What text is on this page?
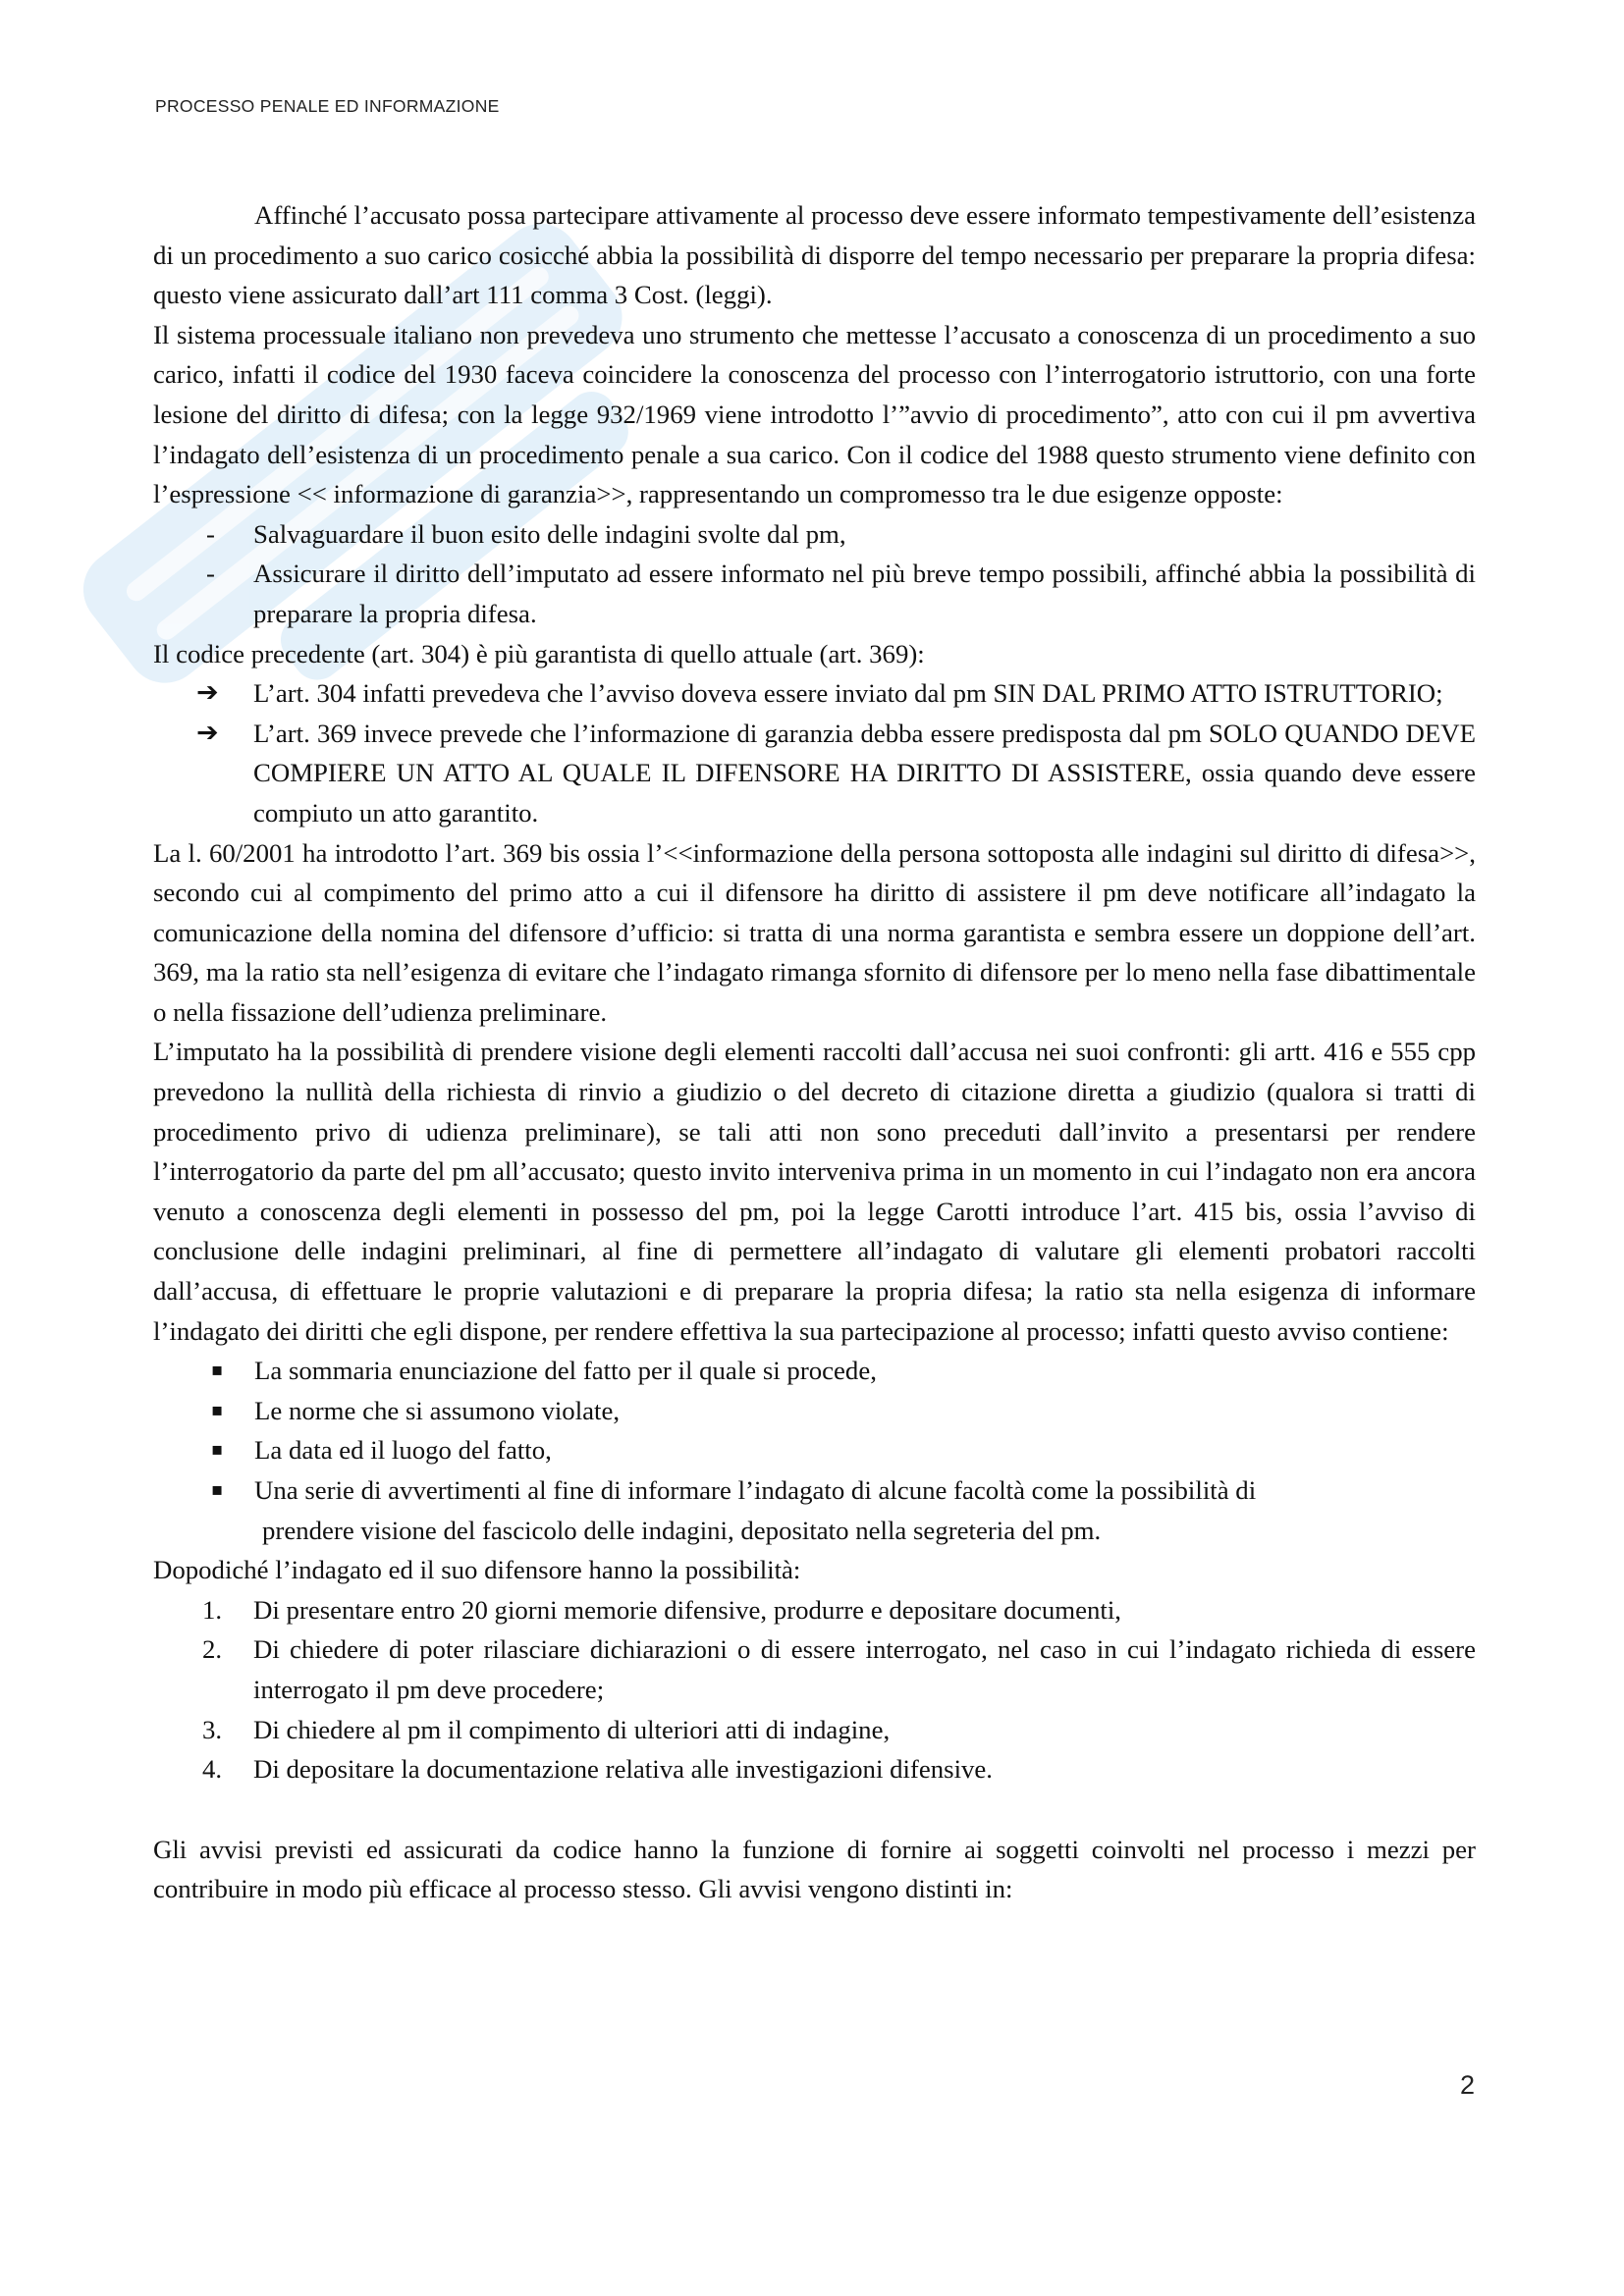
PROCESSO PENALE ED INFORMAZIONE

Affinché l’accusato possa partecipare attivamente al processo deve essere informato tempestivamente dell’esistenza di un procedimento a suo carico cosicché abbia la possibilità di disporre del tempo necessario per preparare la propria difesa: questo viene assicurato dall’art 111 comma 3 Cost. (leggi).

Il sistema processuale italiano non prevedeva uno strumento che mettesse l’accusato a conoscenza di un procedimento a suo carico, infatti il codice del 1930 faceva coincidere la conoscenza del processo con l’interrogatorio istruttorio, con una forte lesione del diritto di difesa; con la legge 932/1969 viene introdotto l’”avvio di procedimento”, atto con cui il pm avvertiva l’indagato dell’esistenza di un procedimento penale a sua carico. Con il codice del 1988 questo strumento viene definito con l’espressione << informazione di garanzia>>, rappresentando un compromesso tra le due esigenze opposte:

- Salvaguardare il buon esito delle indagini svolte dal pm,
- Assicurare il diritto dell’imputato ad essere informato nel più breve tempo possibili, affinché abbia la possibilità di preparare la propria difesa.

Il codice precedente (art. 304) è più garantista di quello attuale (art. 369):

➔ L’art. 304 infatti prevedeva che l’avviso doveva essere inviato dal pm SIN DAL PRIMO ATTO ISTRUTTORIO;
➔ L’art. 369 invece prevede che l’informazione di garanzia debba essere predisposta dal pm SOLO QUANDO DEVE COMPIERE UN ATTO AL QUALE IL DIFENSORE HA DIRITTO DI ASSISTERE, ossia quando deve essere compiuto un atto garantito.

La l. 60/2001 ha introdotto l’art. 369 bis ossia l’<<informazione della persona sottoposta alle indagini sul diritto di difesa>>, secondo cui al compimento del primo atto a cui il difensore ha diritto di assistere il pm deve notificare all’indagato la comunicazione della nomina del difensore d’ufficio: si tratta di una norma garantista e sembra essere un doppione dell’art. 369, ma la ratio sta nell’esigenza di evitare che l’indagato rimanga sfornito di difensore per lo meno nella fase dibattimentale o nella fissazione dell’udienza preliminare.

L’imputato ha la possibilità di prendere visione degli elementi raccolti dall’accusa nei suoi confronti: gli artt. 416 e 555 cpp prevedono la nullità della richiesta di rinvio a giudizio o del decreto di citazione diretta a giudizio (qualora si tratti di procedimento privo di udienza preliminare), se tali atti non sono preceduti dall’invito a presentarsi per rendere l’interrogatorio da parte del pm all’accusato; questo invito interveniva prima in un momento in cui l’indagato non era ancora venuto a conoscenza degli elementi in possesso del pm, poi la legge Carotti introduce l’art. 415 bis, ossia l’avviso di conclusione delle indagini preliminari, al fine di permettere all’indagato di valutare gli elementi probatori raccolti dall’accusa, di effettuare le proprie valutazioni e di preparare la propria difesa; la ratio sta nella esigenza di informare l’indagato dei diritti che egli dispone, per rendere effettiva la sua partecipazione al processo; infatti questo avviso contiene:

▪ La sommaria enunciazione del fatto per il quale si procede,
▪ Le norme che si assumono violate,
▪ La data ed il luogo del fatto,
▪ Una serie di avvertimenti al fine di informare l’indagato di alcune facoltà come la possibilità di
prendere visione del fascicolo delle indagini, depositato nella segreteria del pm.

Dopodiché l’indagato ed il suo difensore hanno la possibilità:

1. Di presentare entro 20 giorni memorie difensive, produrre e depositare documenti,
2. Di chiedere di poter rilasciare dichiarazioni o di essere interrogato, nel caso in cui l’indagato richieda di essere interrogato il pm deve procedere;
3. Di chiedere al pm il compimento di ulteriori atti di indagine,
4. Di depositare la documentazione relativa alle investigazioni difensive.

Gli avvisi previsti ed assicurati da codice hanno la funzione di fornire ai soggetti coinvolti nel processo i mezzi per contribuire in modo più efficace al processo stesso. Gli avvisi vengono distinti in:

2
